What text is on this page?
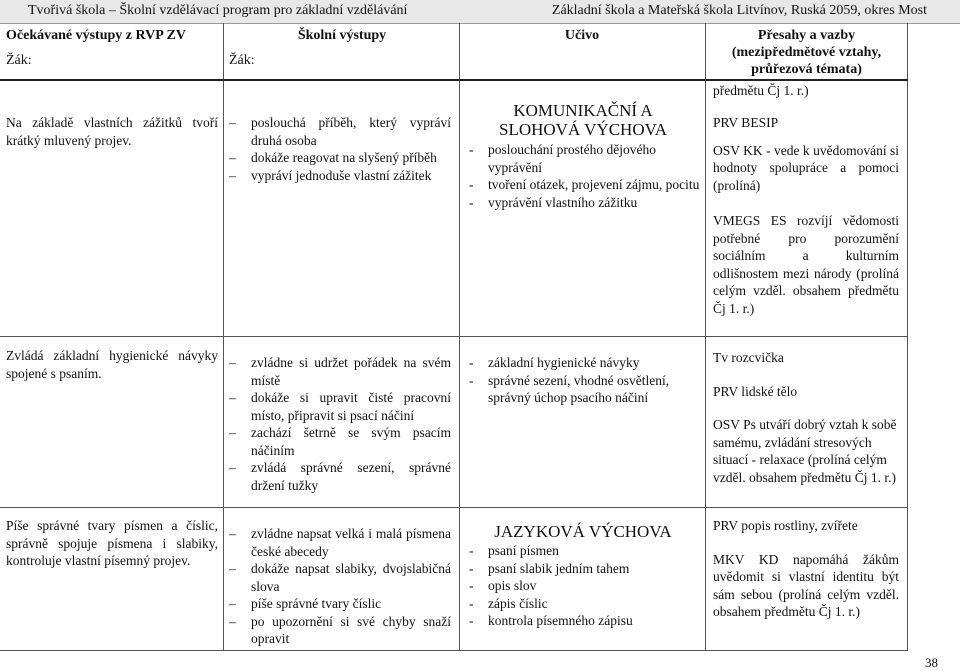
Tvořivá škola – Školní vzdělávací program pro základní vzdělávání	Základní škola a Mateřská škola Litvínov, Ruská 2059, okres Most
Očekávané výstupy z RVP ZV
Žák:
Školní výstupy
Žák:
Učivo	Přesahy a vazby
(mezipředmětové vztahy,
průřezová témata)
předmětu Čj 1. r.)
Na základě vlastních zážitků tvoří krátký mluvený projev.
– poslouchá příběh, který vypráví druhá osoba
– dokáže reagovat na slyšený příběh
– vypráví jednoduše vlastní zážitek
KOMUNIKAČNÍ A SLOHOVÁ VÝCHOVA
- poslouchání prostého dějového vyprávění
- tvoření otázek, projevení zájmu, pocitu
- vyprávění vlastního zážitku

PRV BESIP

OSV KK - vede k uvědomování si hodnoty spolupráce a pomoci (prolíná)

VMEGS ES rozvíjí vědomosti potřebné pro porozumění sociálním a kulturním odlišnostem mezi národy (prolíná celým vzděl. obsahem předmětu Čj 1. r.)

Zvládá základní hygienické návyky spojené s psaním.
– zvládne si udržet pořádek na svém místě
– dokáže si upravit čisté pracovní místo, připravit si psací náčiní
– zachází šetrně se svým psacím náčiním
– zvládá správné sezení, správné držení tužky
- základní hygienické návyky
- správné sezení, vhodné osvětlení, správný úchop psacího náčiní

Tv rozcvička

PRV lidské tělo

OSV Ps utváří dobrý vztah k sobě samému, zvládání stresových situací - relaxace (prolíná celým vzděl. obsahem předmětu Čj 1. r.)

Píše správné tvary písmen a číslic, správně spojuje písmena i slabiky, kontroluje vlastní písemný projev.
– zvládne napsat velká i malá písmena české abecedy
– dokáže napsat slabiky, dvojslabičná slova
– píše správné tvary číslic
– po upozornění si své chyby snaží opravit
JAZYKOVÁ VÝCHOVA
- psaní písmen
- psaní slabik jedním tahem
- opis slov
- zápis číslic
- kontrola písemného zápisu

PRV popis rostliny, zvířete

MKV KD napomáhá žákům uvědomit si vlastní identitu být sám sebou (prolíná celým vzděl. obsahem předmětu Čj 1. r.)

38
